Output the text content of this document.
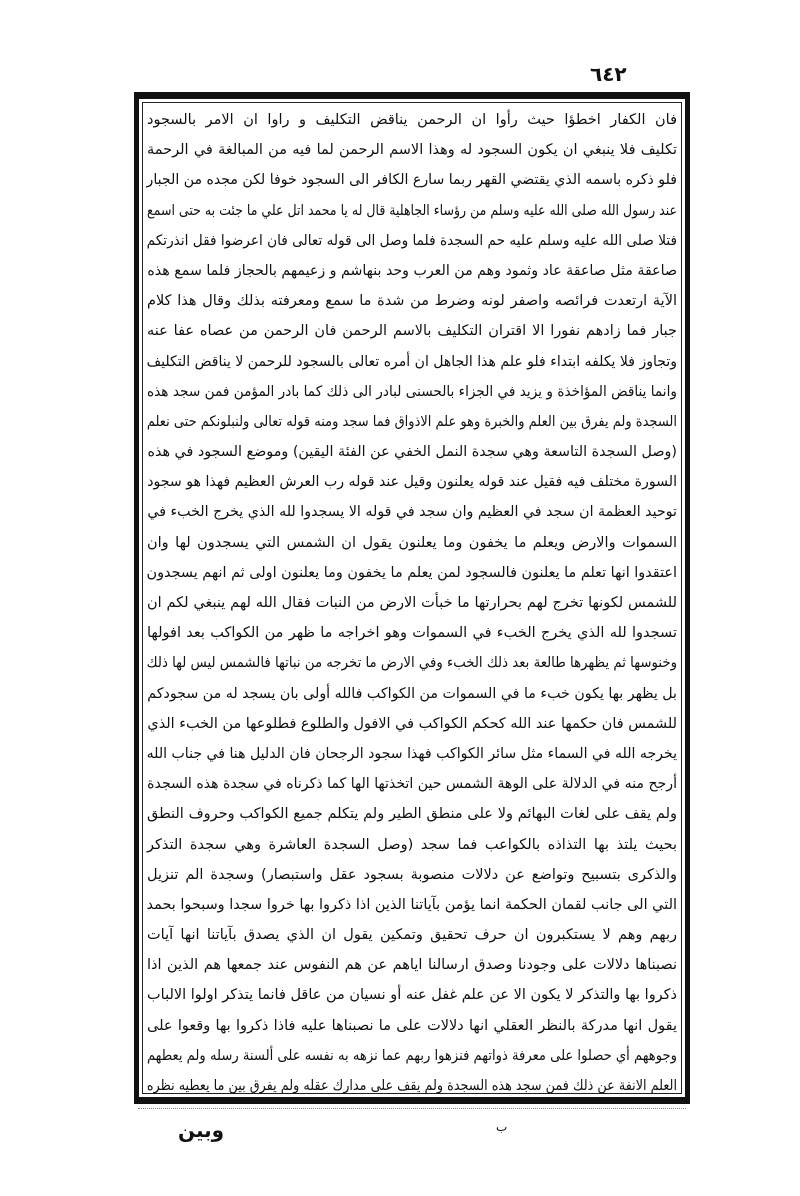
٦٤٢
فان الكفار اخطؤا حيث رأوا ان الرحمن يناقض التكليف و راوا ان الامر بالسجود
تكليف فلا ينبغي ان يكون السجود له وهذا الاسم الرحمن لما فيه من المبالغة في الرحمة
فلو ذكره باسمه الذي يقتضي القهر ربما سارع الكافر الى السجود خوفا لكن مجده من الجبار
عند رسول الله صلى الله عليه وسلم من رؤساء الجاهلية قال له يا محمد اتل علي ما جئت به حتى اسمع
فتلا صلى الله عليه وسلم عليه حم السجدة فلما وصل الى قوله تعالى فان اعرضوا فقل انذرتكم
صاعقة مثل صاعقة عاد وثمود وهم من العرب وحد بنهاشم و زعيمهم بالحجاز فلما سمع هذه
الآية ارتعدت فرائصه واصفر لونه وضرط من شدة ما سمع ومعرفته بذلك وقال هذا كلام
جبار فما زادهم نفورا الا اقتران التكليف بالاسم الرحمن فان الرحمن من عصاه عفا عنه
وتجاوز فلا يكلفه ابتداء فلو علم هذا الجاهل ان أمره تعالى بالسجود للرحمن لا يناقض التكليف
وانما يناقض المؤاخذة و يزيد في الجزاء بالحسنى لبادر الى ذلك كما بادر المؤمن فمن سجد هذه
السجدة ولم يفرق بين العلم والخبرة وهو علم الاذواق فما سجد ومنه قوله تعالى ولنبلونكم حتى نعلم
(وصل السجدة التاسعة وهي سجدة النمل الخفي عن الفئة اليقين) وموضع السجود في هذه
السورة مختلف فيه فقيل عند قوله يعلنون وقيل عند قوله رب العرش العظيم فهذا هو سجود
توحيد العظمة ان سجد في العظيم وان سجد في قوله الا يسجدوا لله الذي يخرج الخبء في
السموات والارض ويعلم ما يخفون وما يعلنون يقول ان الشمس التي يسجدون لها وان
اعتقدوا انها تعلم ما يعلنون فالسجود لمن يعلم ما يخفون وما يعلنون اولى ثم انهم يسجدون
للشمس لكونها تخرج لهم بحرارتها ما خبأت الارض من النبات فقال الله لهم ينبغي لكم ان
تسجدوا لله الذي يخرج الخبء في السموات وهو اخراجه ما ظهر من الكواكب بعد افولها
وخنوسها ثم يظهرها طالعة بعد ذلك الخبء وفي الارض ما تخرجه من نباتها فالشمس ليس لها ذلك
بل يظهر بها يكون خبء ما في السموات من الكواكب فالله أولى بان يسجد له من سجودكم
للشمس فان حكمها عند الله كحكم الكواكب في الافول والطلوع فطلوعها من الخبء الذي
يخرجه الله في السماء مثل سائر الكواكب فهذا سجود الرجحان فان الدليل هنا في جناب الله
أرجح منه في الدلالة على الوهة الشمس حين اتخذتها الها كما ذكرناه في سجدة هذه السجدة
ولم يقف على لغات البهائم ولا على منطق الطير ولم يتكلم جميع الكواكب وحروف النطق
بحيث يلتذ بها التذاذه بالكواعب فما سجد (وصل السجدة العاشرة وهي سجدة التذكر
والذكرى بتسبيح وتواضع عن دلالات منصوبة بسجود عقل واستبصار) وسجدة الم تنزيل
التي الى جانب لقمان الحكمة انما يؤمن بآياتنا الذين اذا ذكروا بها خروا سجدا وسبحوا بحمد
ربهم وهم لا يستكبرون ان حرف تحقيق وتمكين يقول ان الذي يصدق بآياتنا انها آيات
نصبناها دلالات على وجودنا وصدق ارسالنا اياهم عن هم النفوس عند جمعها هم الذين اذا
ذكروا بها والتذكر لا يكون الا عن علم غفل عنه أو نسيان من عاقل فانما يتذكر اولوا الالباب
يقول انها مدركة بالنظر العقلي انها دلالات على ما نصبناها عليه فاذا ذكروا بها وقعوا على
وجوههم أي حصلوا على معرفة ذواتهم فنزهوا ربهم عما نزهه به نفسه على ألسنة رسله ولم يعطهم
العلم الانفة عن ذلك فمن سجد هذه السجدة ولم يقف على مدارك عقله ولم يفرق بين ما يعطيه نظره
وبين	ب
